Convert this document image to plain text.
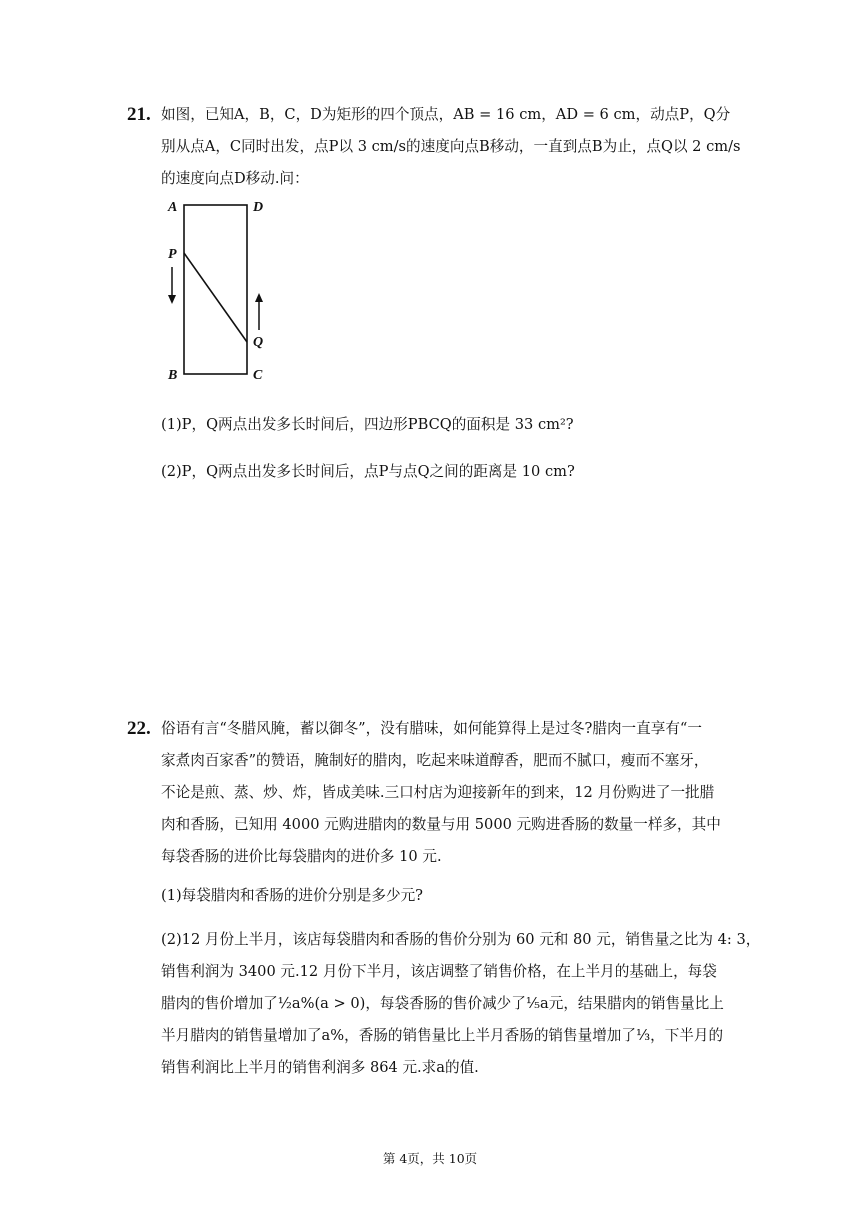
21. 如图，已知A，B，C，D为矩形的四个顶点，AB = 16 cm，AD = 6 cm，动点P，Q分
别从点A，C同时出发，点P以 3 cm/s的速度向点B移动，一直到点B为止，点Q以 2 cm/s
的速度向点D移动.问：
A	D
P
Q
B	C
(1)P，Q两点出发多长时间后，四边形PBCQ的面积是 33 cm²?
(2)P，Q两点出发多长时间后，点P与点Q之间的距离是 10 cm?
22. 俗语有言“冬腊风腌，蓄以御冬”，没有腊味，如何能算得上是过冬?腊肉一直享有“一
家煮肉百家香”的赞语，腌制好的腊肉，吃起来味道醇香，肥而不腻口，瘦而不塞牙，
不论是煎、蒸、炒、炸，皆成美味.三口村店为迎接新年的到来，12 月份购进了一批腊
肉和香肠，已知用 4000 元购进腊肉的数量与用 5000 元购进香肠的数量一样多，其中
每袋香肠的进价比每袋腊肉的进价多 10 元.
(1)每袋腊肉和香肠的进价分别是多少元?
(2)12 月份上半月，该店每袋腊肉和香肠的售价分别为 60 元和 80 元，销售量之比为 4: 3，
销售利润为 3400 元.12 月份下半月，该店调整了销售价格，在上半月的基础上，每袋
腊肉的售价增加了½a%(a > 0)，每袋香肠的售价减少了⅕a元，结果腊肉的销售量比上
半月腊肉的销售量增加了a%，香肠的销售量比上半月香肠的销售量增加了⅓，下半月的
销售利润比上半月的销售利润多 864 元.求a的值.
第 4页，共 10页
